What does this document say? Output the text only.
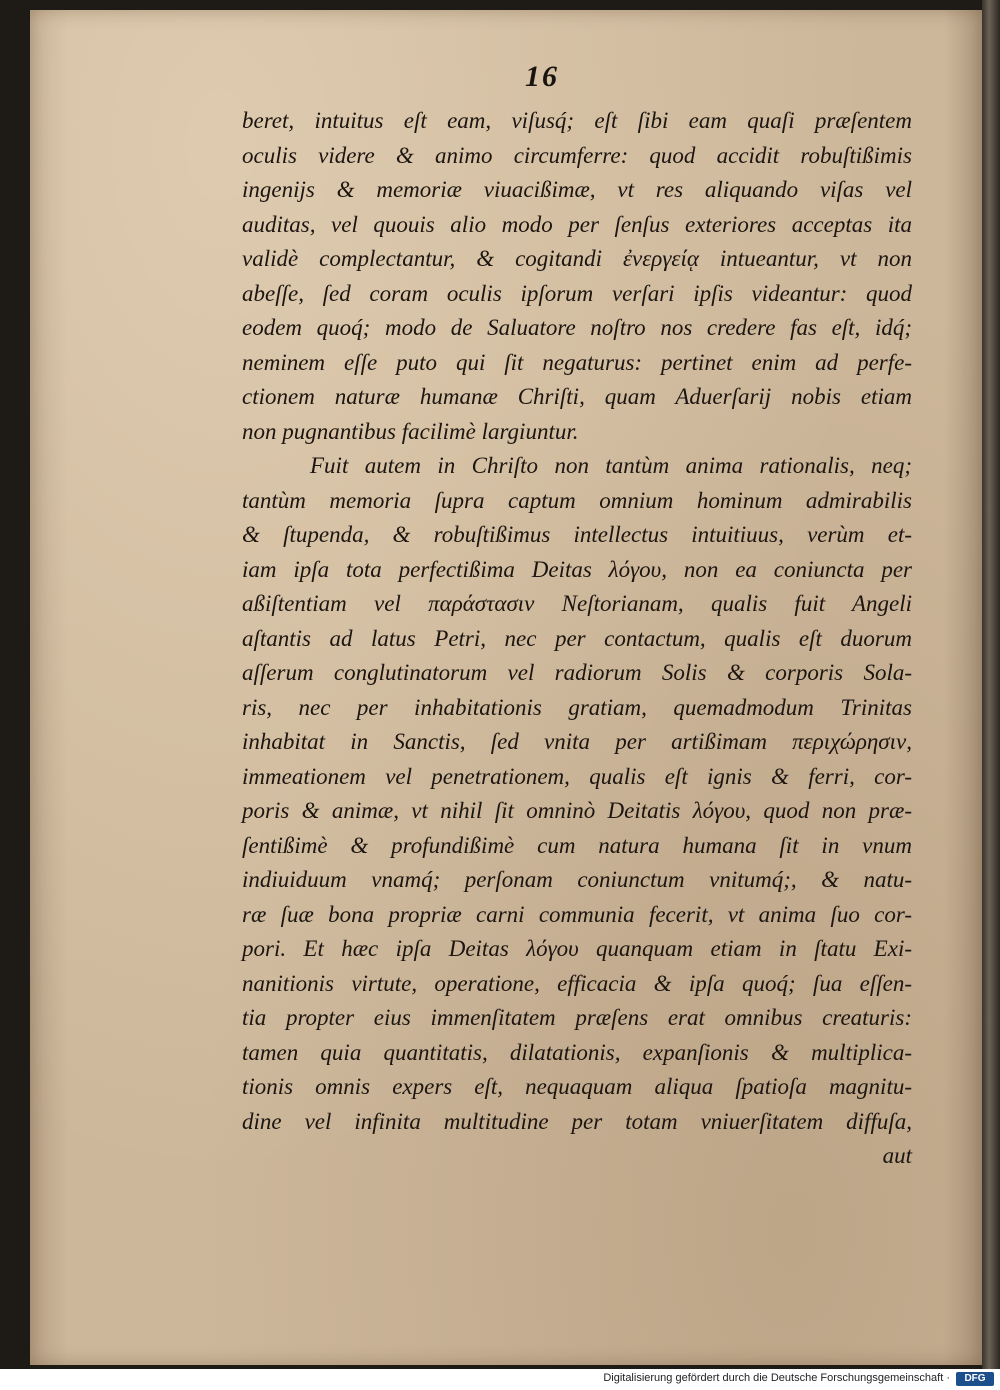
16
beret, intuitus eſt eam, viſusq́; eſt ſibi eam quaſi præſentem
oculis videre & animo circumferre: quod accidit robuſtißimis
ingenijs & memoriæ viuacißimæ, vt res aliquando viſas vel
auditas, vel quouis alio modo per ſenſus exteriores acceptas ita
validè complectantur, & cogitandi ἐνεργείᾳ intueantur, vt non
abeſſe, ſed coram oculis ipſorum verſari ipſis videantur: quod
eodem quoq́; modo de Saluatore noſtro nos credere fas eſt, idq́;
neminem eſſe puto qui ſit negaturus: pertinet enim ad perfe-
ctionem naturæ humanæ Chriſti, quam Aduerſarij nobis etiam
non pugnantibus facilimè largiuntur.
Fuit autem in Chriſto non tantùm anima rationalis, neq;
tantùm memoria ſupra captum omnium hominum admirabilis
& ſtupenda, & robuſtißimus intellectus intuitiuus, verùm et-
iam ipſa tota perfectißima Deitas λόγου, non ea coniuncta per
aßiſtentiam vel παράστασιν Neſtorianam, qualis fuit Angeli
aſtantis ad latus Petri, nec per contactum, qualis eſt duorum
aſſerum conglutinatorum vel radiorum Solis & corporis Sola-
ris, nec per inhabitationis gratiam, quemadmodum Trinitas
inhabitat in Sanctis, ſed vnita per artißimam περιχώρησιν,
immeationem vel penetrationem, qualis eſt ignis & ferri, cor-
poris & animæ, vt nihil ſit omninò Deitatis λόγου, quod non præ-
ſentißimè & profundißimè cum natura humana ſit in vnum
indiuiduum vnamq́; perſonam coniunctum vnitumq́;, & natu-
ræ ſuæ bona propriæ carni communia fecerit, vt anima ſuo cor-
pori. Et hæc ipſa Deitas λόγου quanquam etiam in ſtatu Exi-
nanitionis virtute, operatione, efficacia & ipſa quoq́; ſua eſſen-
tia propter eius immenſitatem præſens erat omnibus creaturis:
tamen quia quantitatis, dilatationis, expanſionis & multiplica-
tionis omnis expers eſt, nequaquam aliqua ſpatioſa magnitu-
dine vel infinita multitudine per totam vniuerſitatem diffuſa,
aut
Digitalisierung gefördert durch die Deutsche Forschungsgemeinschaft ·	DFG
